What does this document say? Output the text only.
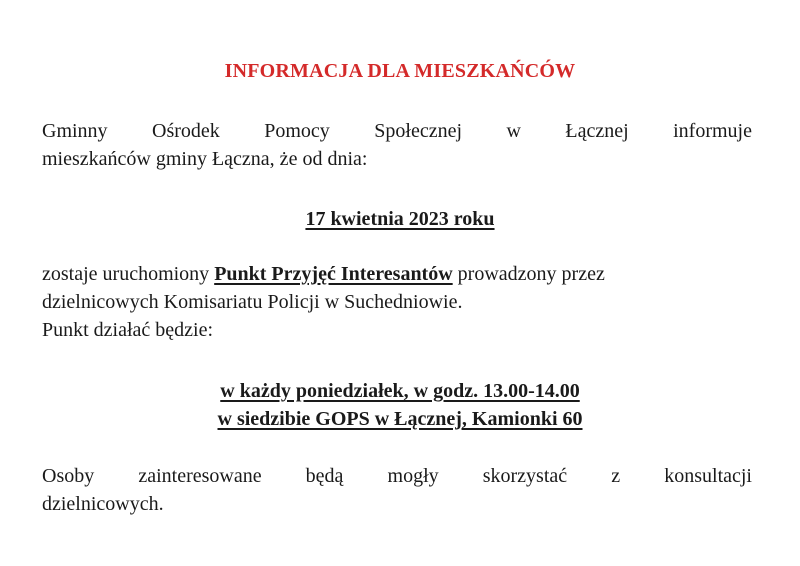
INFORMACJA DLA MIESZKAŃCÓW
Gminny Ośrodek Pomocy Społecznej w Łącznej informuje
mieszkańców gminy Łączna, że od dnia:
17 kwietnia 2023 roku
zostaje uruchomiony Punkt Przyjęć Interesantów prowadzony przez
dzielnicowych Komisariatu Policji w Suchedniowie.
Punkt działać będzie:
w każdy poniedziałek, w godz. 13.00-14.00
w siedzibie GOPS w Łącznej, Kamionki 60
Osoby zainteresowane będą mogły skorzystać z konsultacji
dzielnicowych.
